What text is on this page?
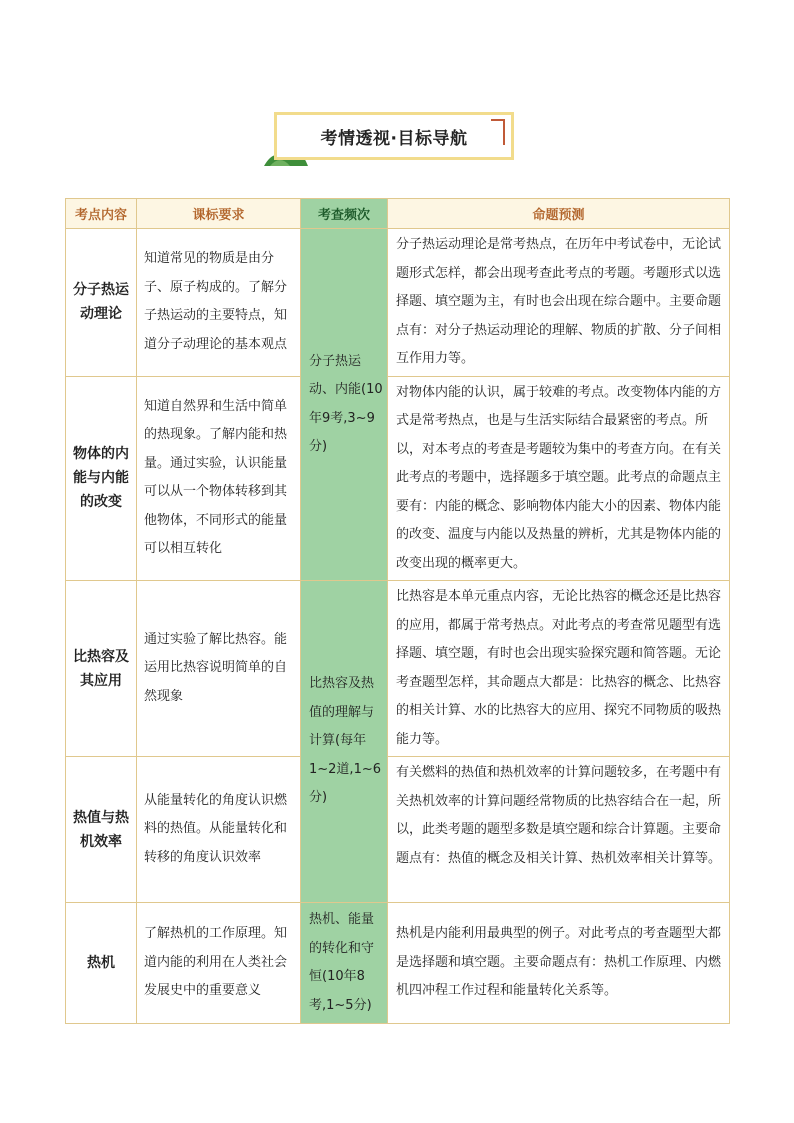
考情透视·目标导航
考点内容	课标要求	考查频次	命题预测
分子热运动理论	知道常见的物质是由分子、原子构成的。了解分子热运动的主要特点，知道分子动理论的基本观点	分子热运动、内能(10年9考,3~9分)	分子热运动理论是常考热点，在历年中考试卷中，无论试题形式怎样，都会出现考查此考点的考题。考题形式以选择题、填空题为主，有时也会出现在综合题中。主要命题点有：对分子热运动理论的理解、物质的扩散、分子间相互作用力等。
物体的内能与内能的改变	知道自然界和生活中简单的热现象。了解内能和热量。通过实验，认识能量可以从一个物体转移到其他物体，不同形式的能量可以相互转化		对物体内能的认识，属于较难的考点。改变物体内能的方式是常考热点，也是与生活实际结合最紧密的考点。所以，对本考点的考查是考题较为集中的考查方向。在有关此考点的考题中，选择题多于填空题。此考点的命题点主要有：内能的概念、影响物体内能大小的因素、物体内能的改变、温度与内能以及热量的辨析，尤其是物体内能的改变出现的概率更大。
比热容及其应用	通过实验了解比热容。能运用比热容说明简单的自然现象	比热容及热值的理解与计算(每年1~2道,1~6分)	比热容是本单元重点内容，无论比热容的概念还是比热容的应用，都属于常考热点。对此考点的考查常见题型有选择题、填空题，有时也会出现实验探究题和简答题。无论考查题型怎样，其命题点大都是：比热容的概念、比热容的相关计算、水的比热容大的应用、探究不同物质的吸热能力等。
热值与热机效率	从能量转化的角度认识燃料的热值。从能量转化和转移的角度认识效率		有关燃料的热值和热机效率的计算问题较多，在考题中有关热机效率的计算问题经常物质的比热容结合在一起，所以，此类考题的题型多数是填空题和综合计算题。主要命题点有：热值的概念及相关计算、热机效率相关计算等。
热机	了解热机的工作原理。知道内能的利用在人类社会发展史中的重要意义	热机、能量的转化和守恒(10年8考,1~5分)	热机是内能利用最典型的例子。对此考点的考查题型大都是选择题和填空题。主要命题点有：热机工作原理、内燃机四冲程工作过程和能量转化关系等。
